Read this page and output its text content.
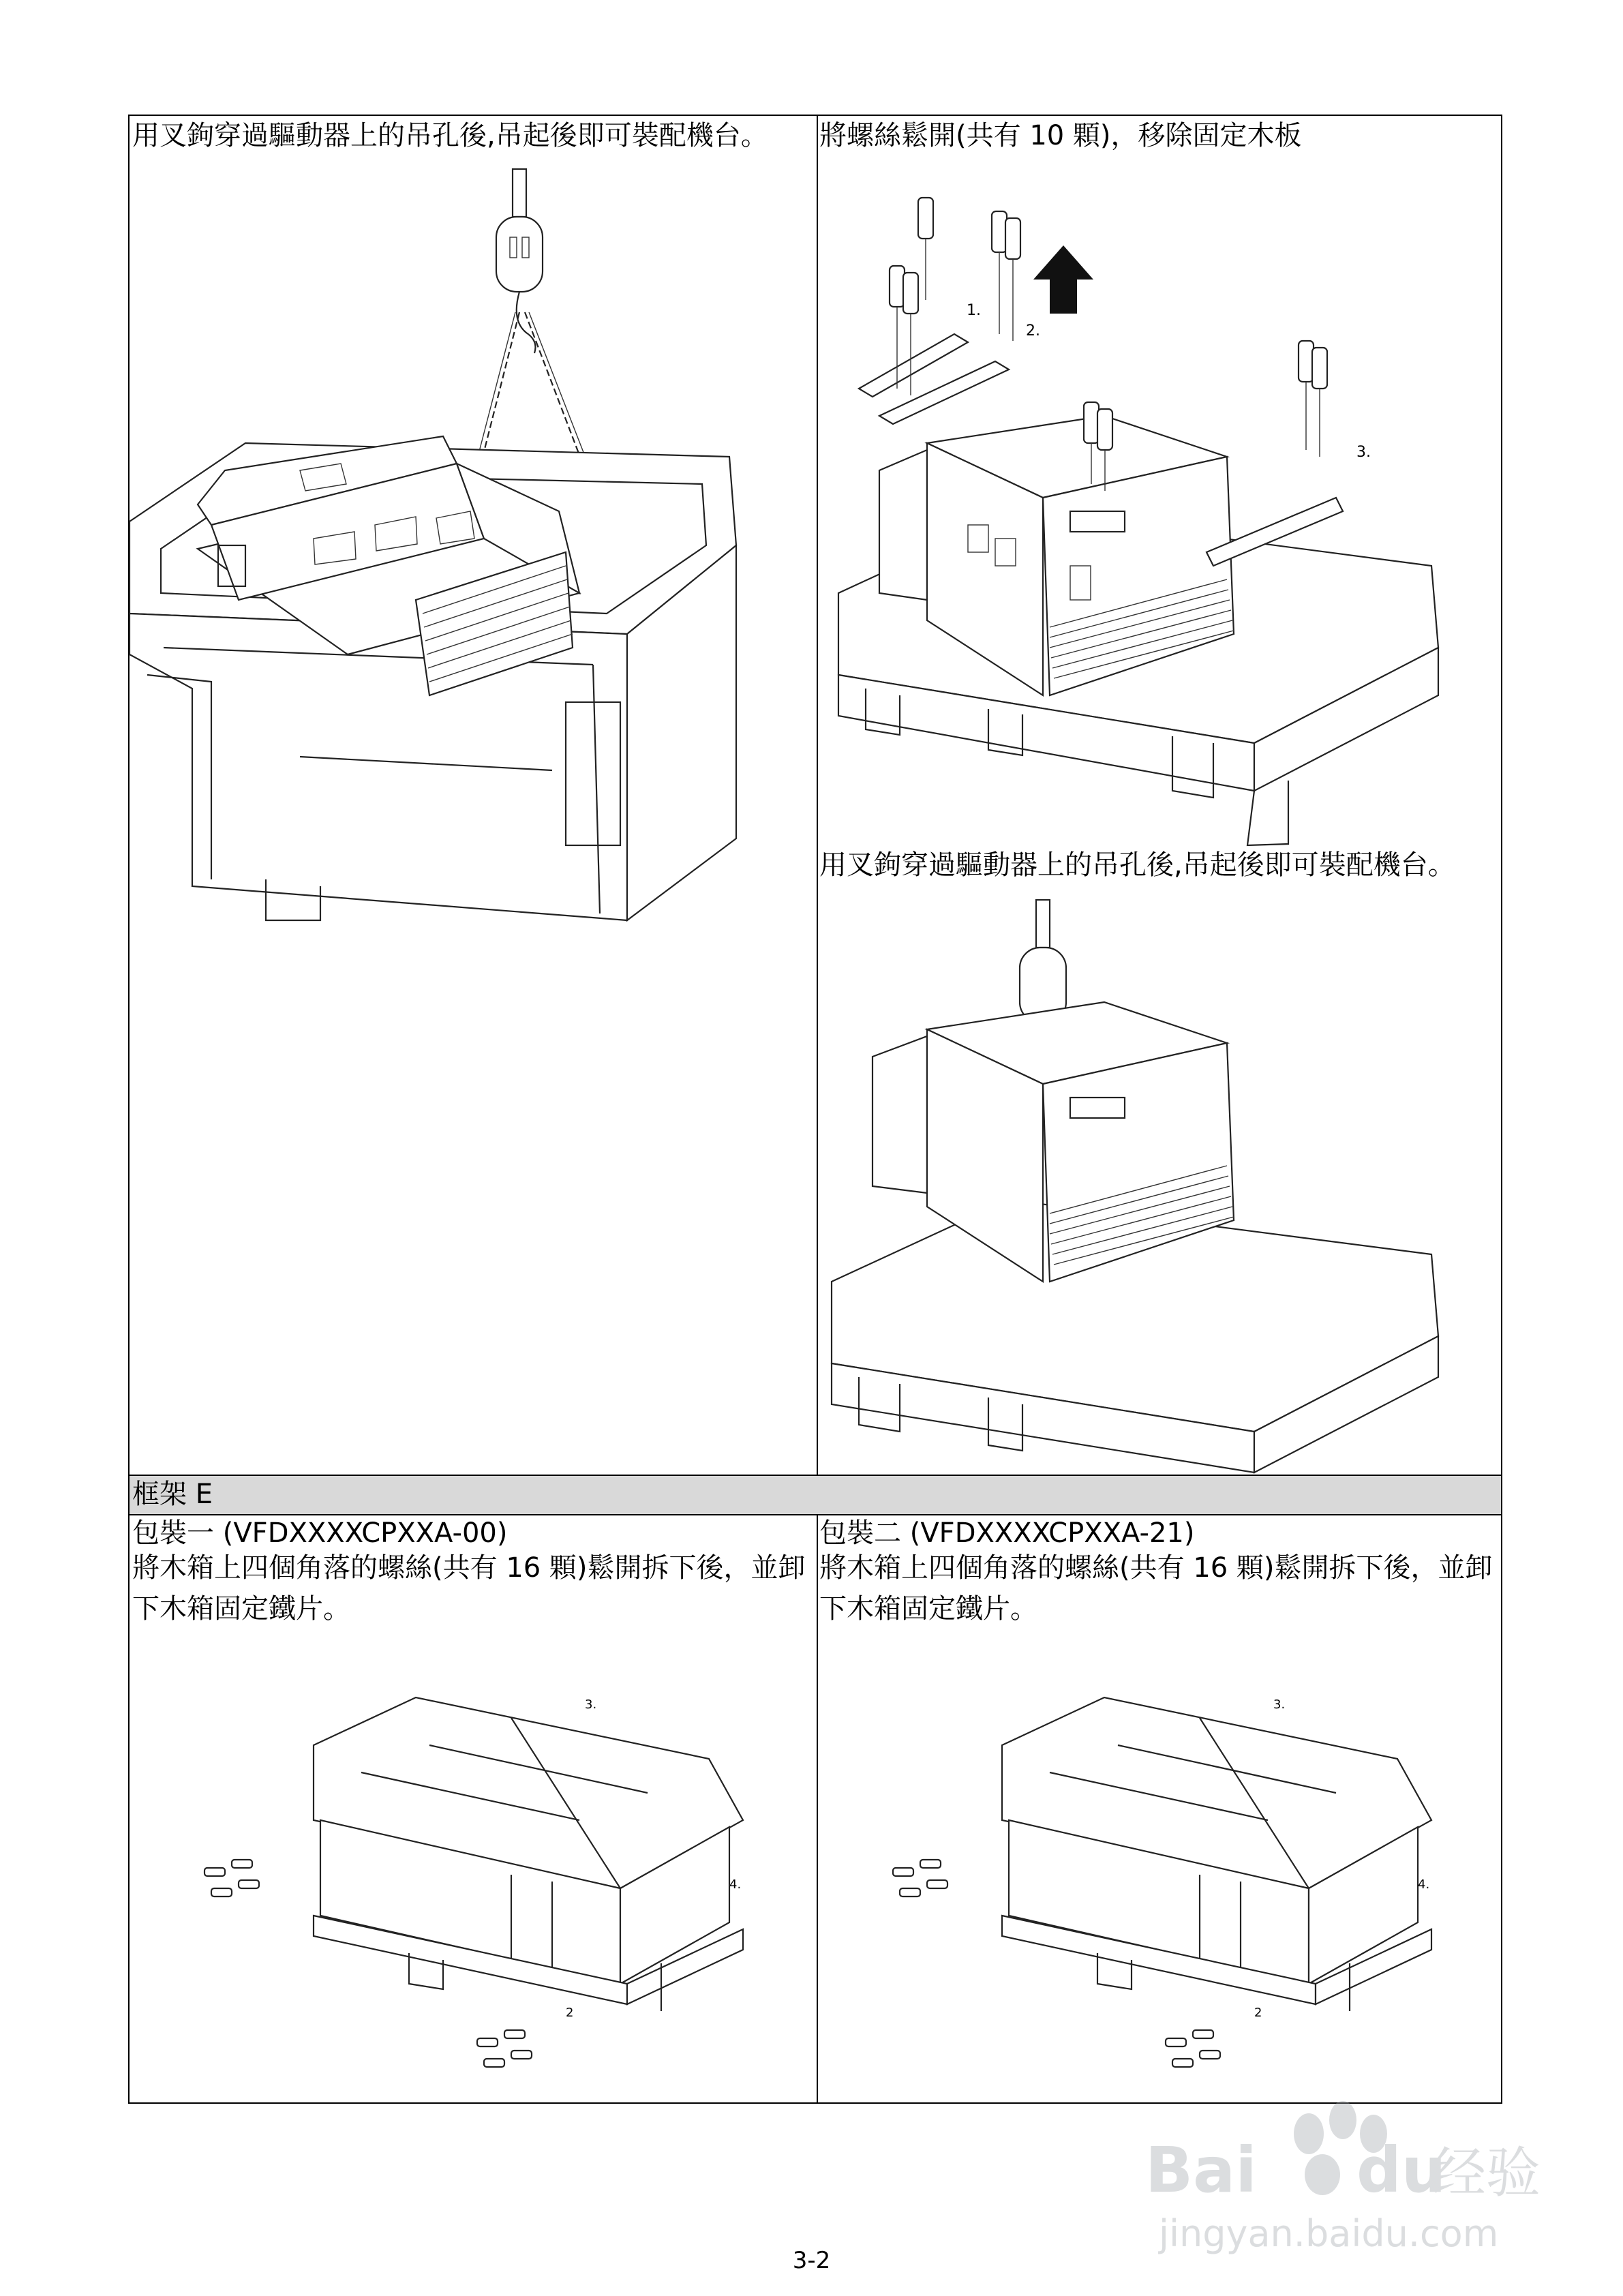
框架 E
用叉鉤穿過驅動器上的吊孔後,吊起後即可裝配機台。 將螺絲鬆開(共有 10 顆)，移除固定木板
用叉鉤穿過驅動器上的吊孔後,吊起後即可裝配機台。
包裝一 (VFDXXXXCPXXA-00)
將木箱上四個角落的螺絲(共有 16 顆)鬆開拆下後，並卸下木箱固定鐵片。
包裝二 (VFDXXXXCPXXA-21)
將木箱上四個角落的螺絲(共有 16 顆)鬆開拆下後，並卸下木箱固定鐵片。
1.
2.
3.
3.
4.
2
3.
4.
2
Bai du
经验
jingyan.baidu.com
3-2
